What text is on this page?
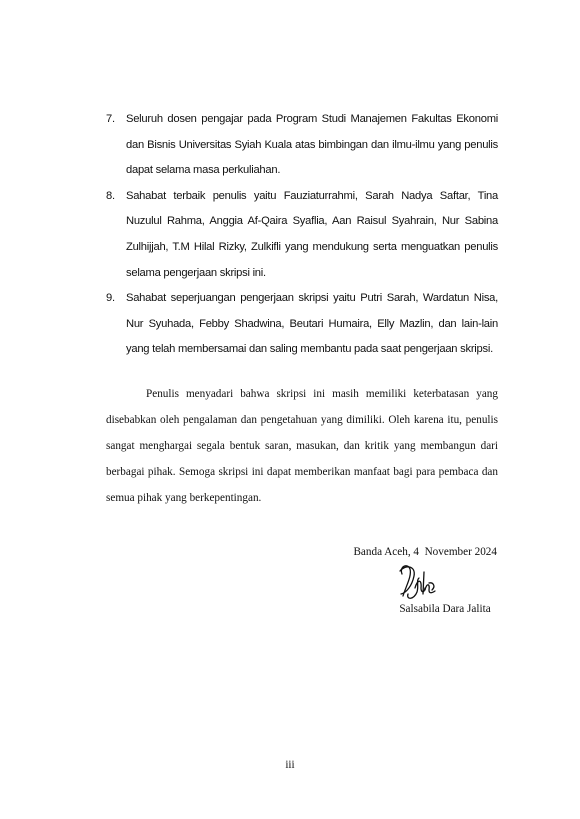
7. Seluruh dosen pengajar pada Program Studi Manajemen Fakultas Ekonomi dan Bisnis Universitas Syiah Kuala atas bimbingan dan ilmu-ilmu yang penulis dapat selama masa perkuliahan.
8. Sahabat terbaik penulis yaitu Fauziaturrahmi, Sarah Nadya Saftar, Tina Nuzulul Rahma, Anggia Af-Qaira Syaflia, Aan Raisul Syahrain, Nur Sabina Zulhijjah, T.M Hilal Rizky, Zulkifli yang mendukung serta menguatkan penulis selama pengerjaan skripsi ini.
9. Sahabat seperjuangan pengerjaan skripsi yaitu Putri Sarah, Wardatun Nisa, Nur Syuhada, Febby Shadwina, Beutari Humaira, Elly Mazlin, dan lain-lain yang telah membersamai dan saling membantu pada saat pengerjaan skripsi.

Penulis menyadari bahwa skripsi ini masih memiliki keterbatasan yang disebabkan oleh pengalaman dan pengetahuan yang dimiliki. Oleh karena itu, penulis sangat menghargai segala bentuk saran, masukan, dan kritik yang membangun dari berbagai pihak. Semoga skripsi ini dapat memberikan manfaat bagi para pembaca dan semua pihak yang berkepentingan.

Banda Aceh, 4  November 2024
Salsabila Dara Jalita
iii
